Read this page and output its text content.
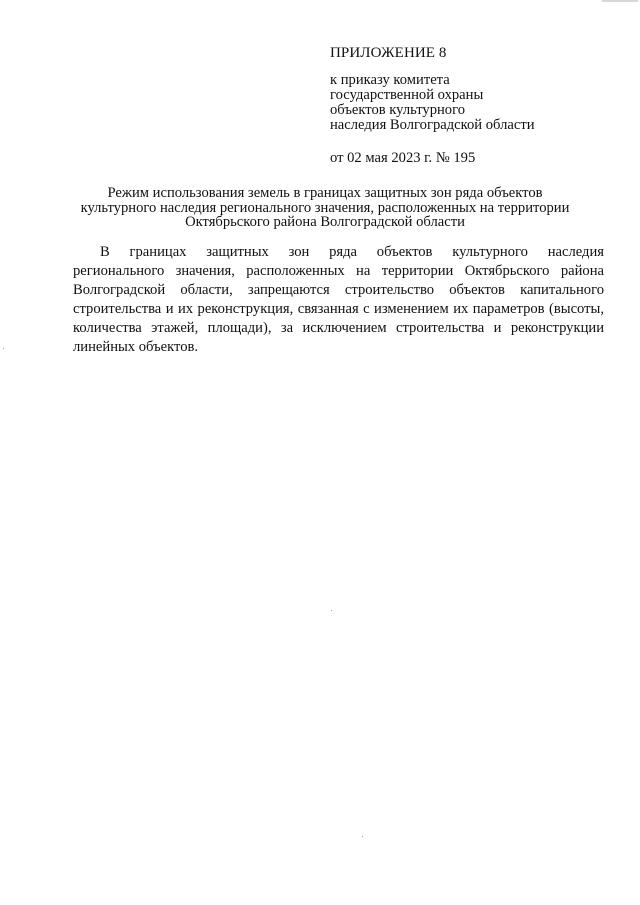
ПРИЛОЖЕНИЕ 8
к приказу комитета
государственной охраны
объектов культурного
наследия Волгоградской области
от 02 мая 2023 г. № 195
Режим использования земель в границах защитных зон ряда объектов
культурного наследия регионального значения, расположенных на территории
Октябрьского района Волгоградской области
В границах защитных зон ряда объектов культурного наследия
регионального значения, расположенных на территории Октябрьского района
Волгоградской области, запрещаются строительство объектов капитального
строительства и их реконструкция, связанная с изменением их параметров (высоты,
количества этажей, площади), за исключением строительства и реконструкции
линейных объектов.
